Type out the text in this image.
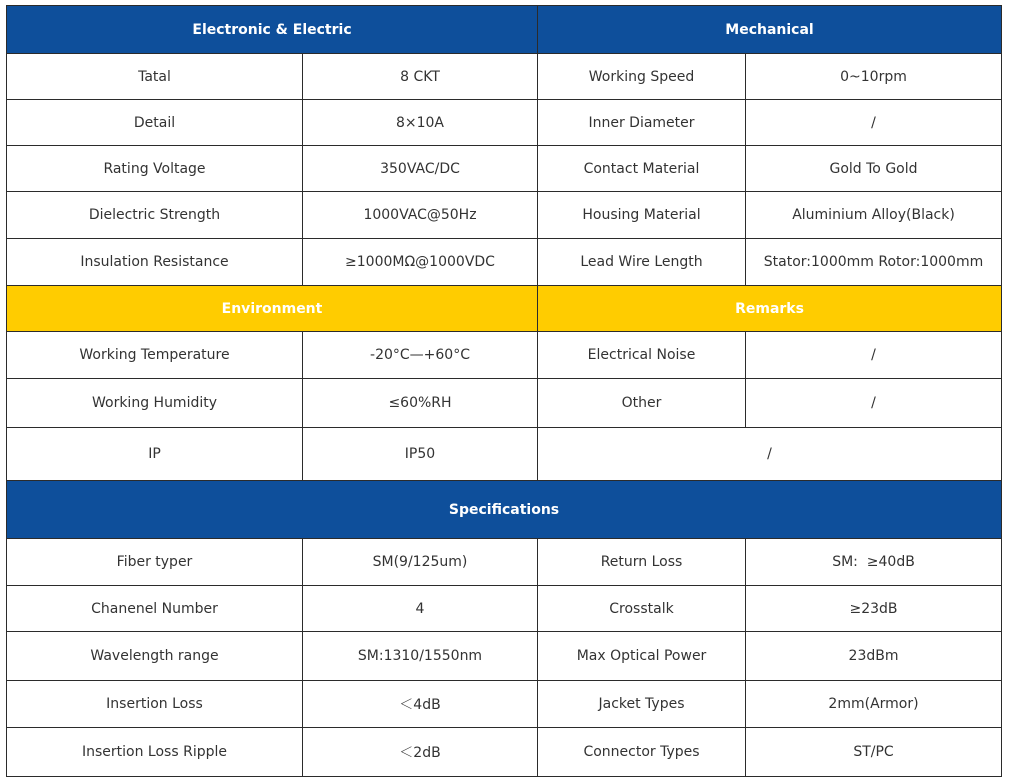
Electronic & Electric		Mechanical	
Tatal	8 CKT	Working Speed	0~10rpm
Detail	8×10A	Inner Diameter	/
Rating Voltage	350VAC/DC	Contact Material	Gold To Gold
Dielectric Strength	1000VAC@50Hz	Housing Material	Aluminium Alloy(Black)
Insulation Resistance	≥1000MΩ@1000VDC	Lead Wire Length	Stator:1000mm Rotor:1000mm
Environment		Remarks	
Working Temperature	-20°C—+60°C	Electrical Noise	/
Working Humidity	≤60%RH	Other	/
IP	IP50	/	
Specifications			
Fiber typer	SM(9/125um)	Return Loss	SM:  ≥40dB
Chanenel Number	4	Crosstalk	≥23dB
Wavelength range	SM:1310/1550nm	Max Optical Power	23dBm
Insertion Loss	＜4dB	Jacket Types	2mm(Armor)
Insertion Loss Ripple	＜2dB	Connector Types	ST/PC
